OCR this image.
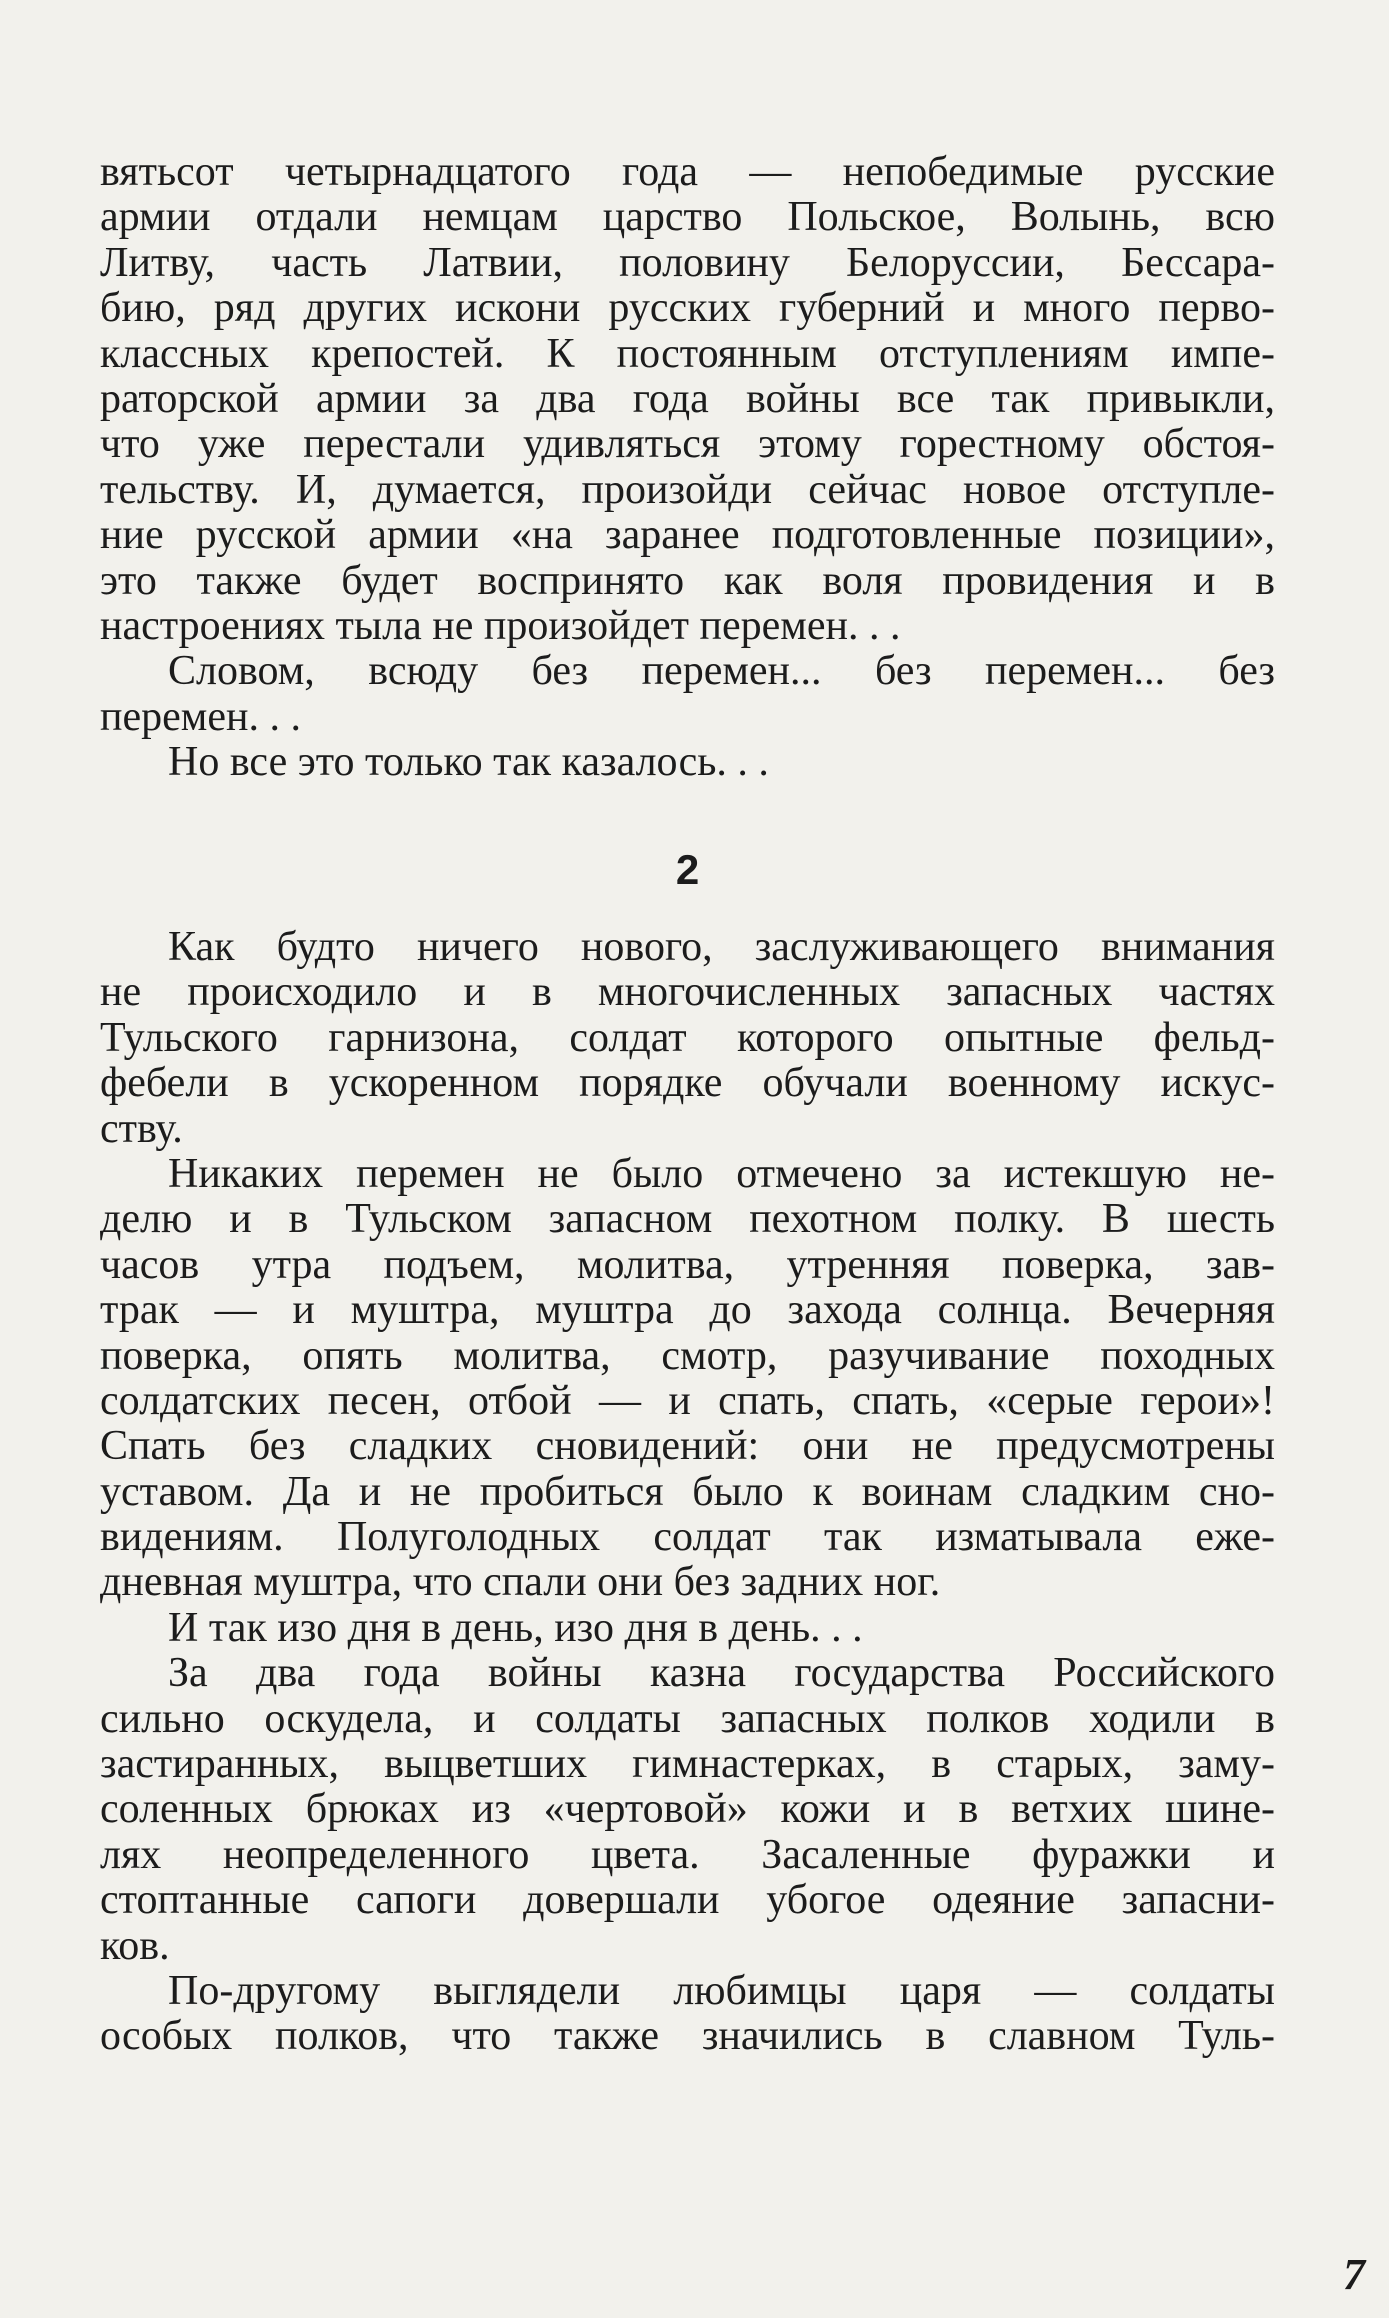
вятьсот четырнадцатого года — непобедимые русские
армии отдали немцам царство Польское, Волынь, всю
Литву, часть Латвии, половину Белоруссии, Бессара-
бию, ряд других искони русских губерний и много перво-
классных крепостей. К постоянным отступлениям импе-
раторской армии за два года войны все так привыкли,
что уже перестали удивляться этому горестному обстоя-
тельству. И, думается, произойди сейчас новое отступле-
ние русской армии «на заранее подготовленные позиции»,
это также будет воспринято как воля провидения и в
настроениях тыла не произойдет перемен. . .
Словом, всюду без перемен... без перемен... без
перемен. . .
Но все это только так казалось. . .
2
Как будто ничего нового, заслуживающего внимания
не происходило и в многочисленных запасных частях
Тульского гарнизона, солдат которого опытные фельд-
фебели в ускоренном порядке обучали военному искус-
ству.
Никаких перемен не было отмечено за истекшую не-
делю и в Тульском запасном пехотном полку. В шесть
часов утра подъем, молитва, утренняя поверка, зав-
трак — и муштра, муштра до захода солнца. Вечерняя
поверка, опять молитва, смотр, разучивание походных
солдатских песен, отбой — и спать, спать, «серые герои»!
Спать без сладких сновидений: они не предусмотрены
уставом. Да и не пробиться было к воинам сладким сно-
видениям. Полуголодных солдат так изматывала еже-
дневная муштра, что спали они без задних ног.
И так изо дня в день, изо дня в день. . .
За два года войны казна государства Российского
сильно оскудела, и солдаты запасных полков ходили в
застиранных, выцветших гимнастерках, в старых, заму-
соленных брюках из «чертовой» кожи и в ветхих шине-
лях неопределенного цвета. Засаленные фуражки и
стоптанные сапоги довершали убогое одеяние запасни-
ков.
По-другому выглядели любимцы царя — солдаты
особых полков, что также значились в славном Туль-
7
